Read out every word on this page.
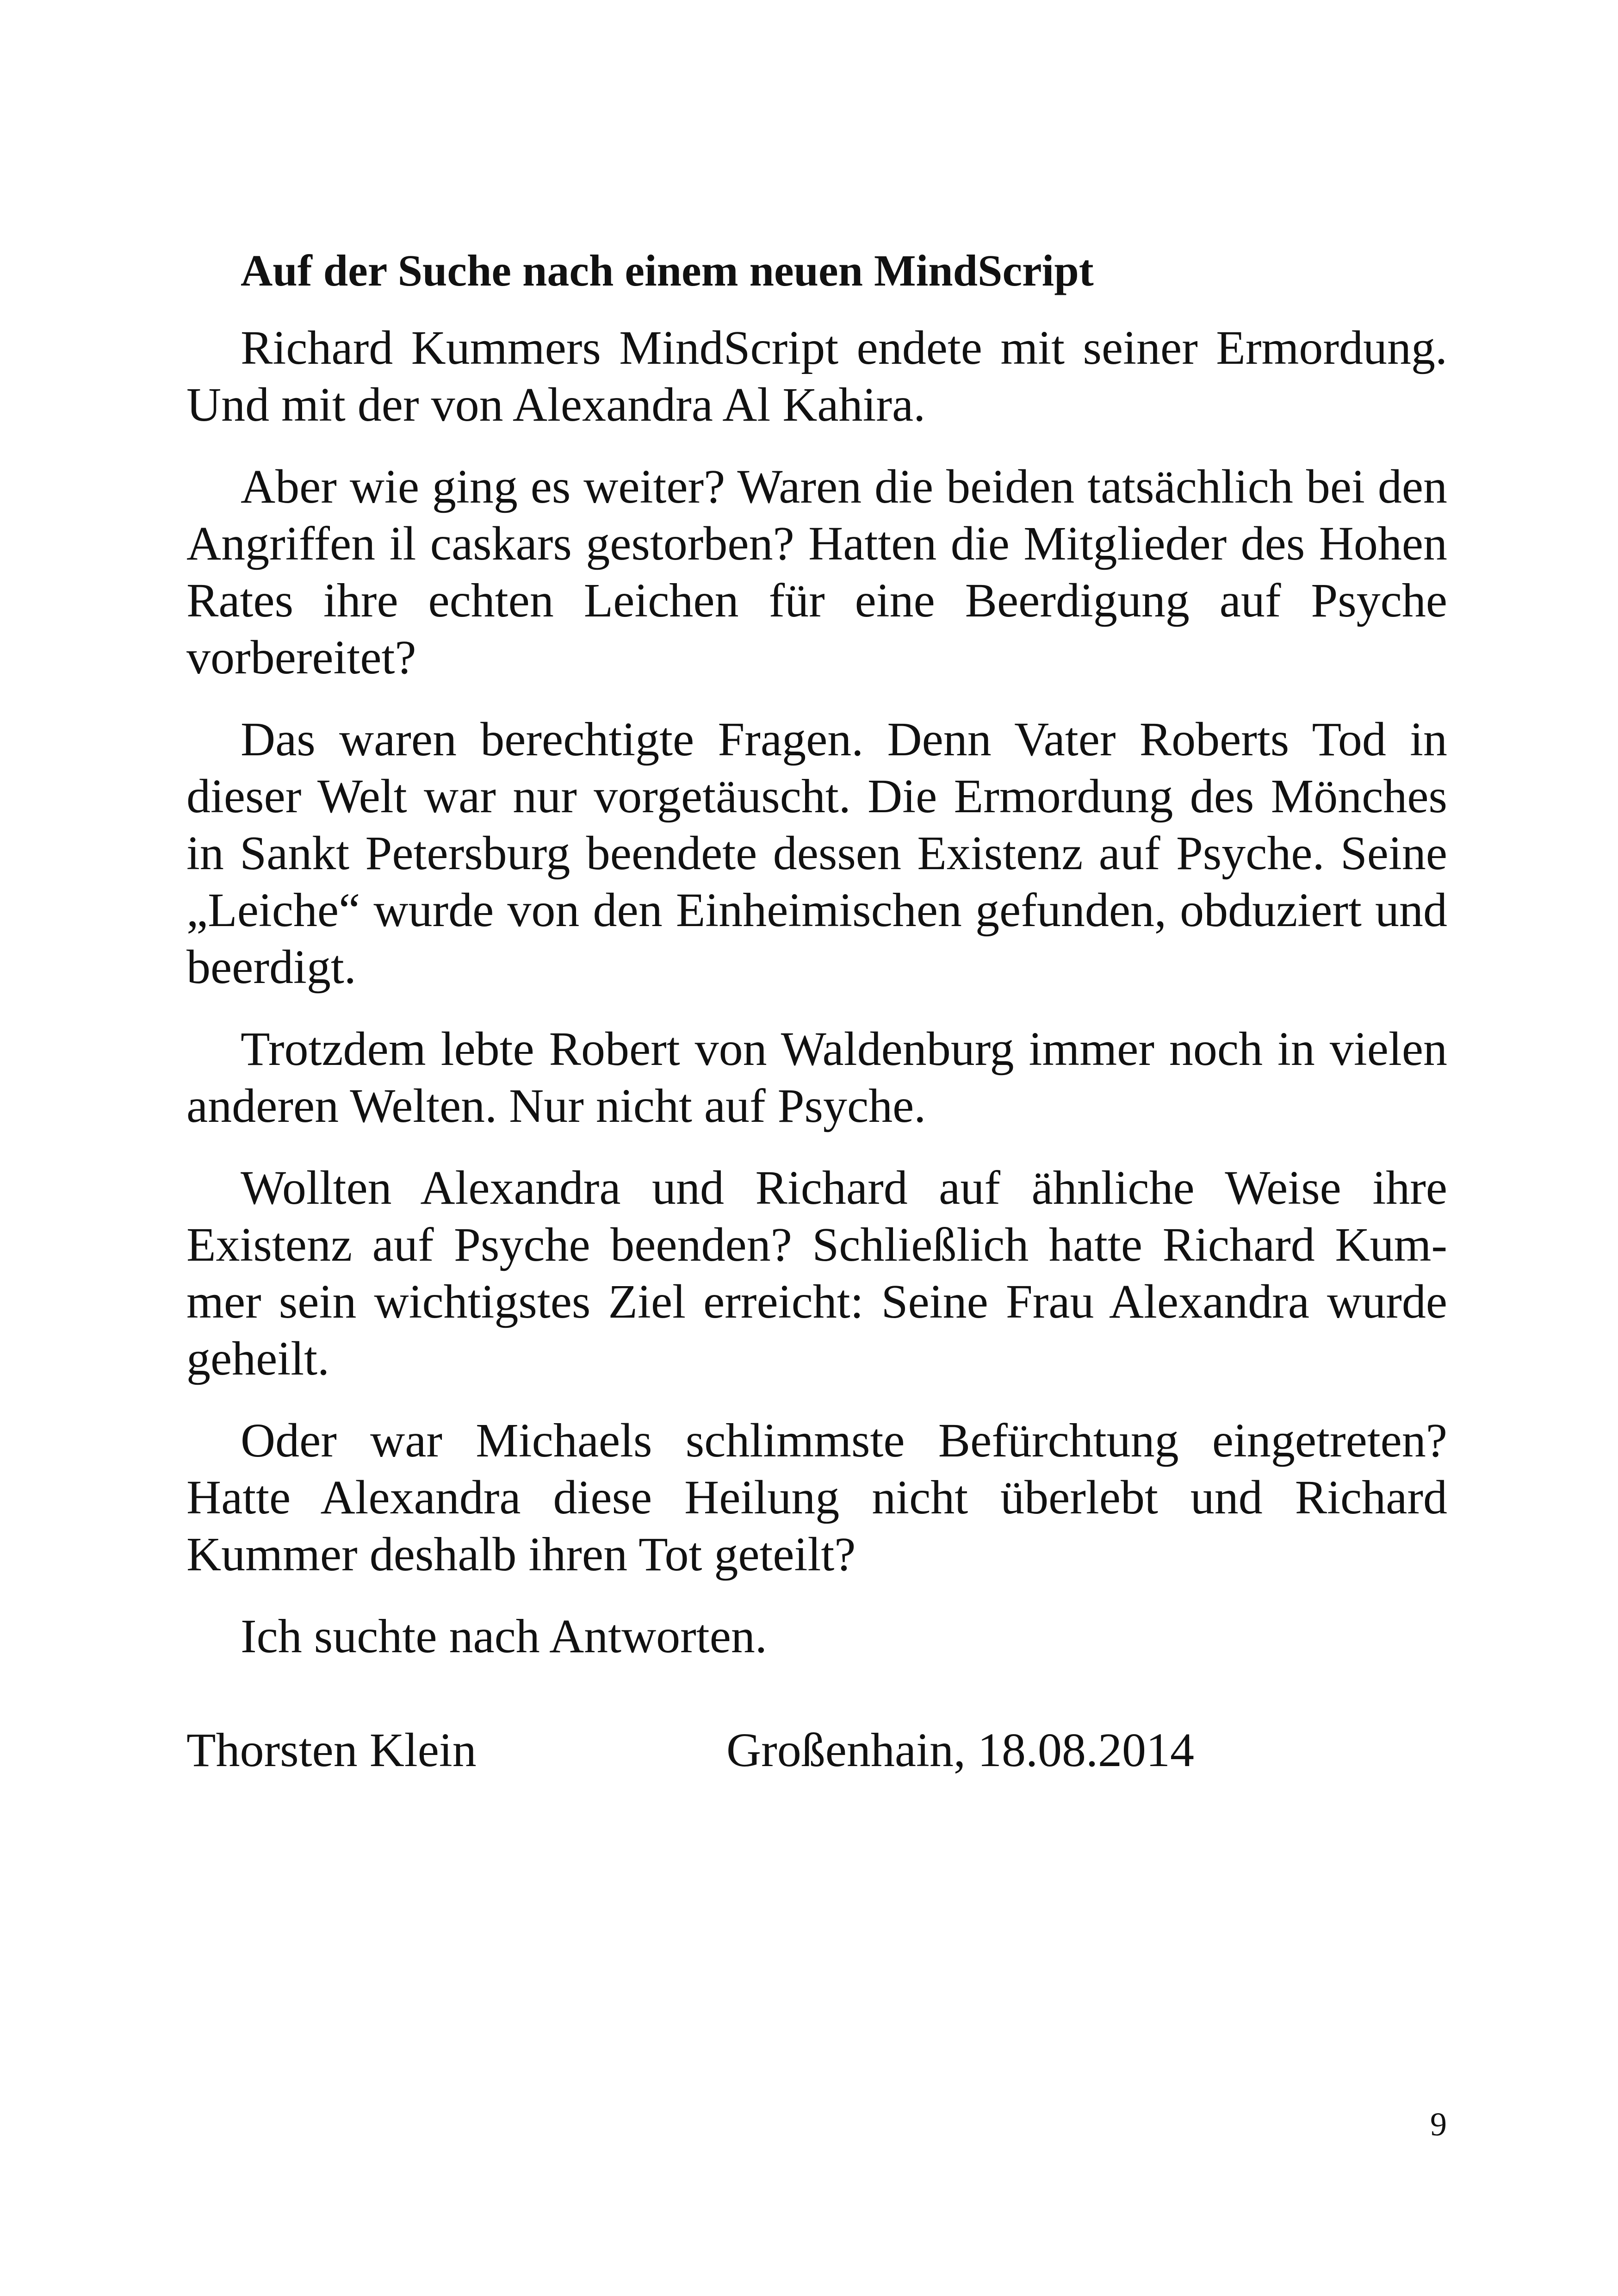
Auf der Suche nach einem neuen MindScript

Richard Kummers MindScript endete mit seiner Ermordung. Und mit der von Alexandra Al Kahira.

Aber wie ging es weiter? Waren die beiden tatsächlich bei den Angriffen il caskars gestorben? Hatten die Mitglieder des Hohen Rates ihre echten Leichen für eine Beerdigung auf Psyche vorbereitet?

Das waren berechtigte Fragen. Denn Vater Roberts Tod in dieser Welt war nur vorgetäuscht. Die Ermordung des Mönches in Sankt Petersburg beendete dessen Existenz auf Psyche. Seine „Leiche“ wurde von den Einheimischen gefunden, obduziert und beerdigt.

Trotzdem lebte Robert von Waldenburg immer noch in vielen anderen Welten. Nur nicht auf Psyche.

Wollten Alexandra und Richard auf ähnliche Weise ihre Existenz auf Psyche beenden? Schließlich hatte Richard Kummer sein wichtigstes Ziel erreicht: Seine Frau Alexandra wurde geheilt.

Oder war Michaels schlimmste Befürchtung eingetreten? Hatte Alexandra diese Heilung nicht überlebt und Richard Kummer deshalb ihren Tot geteilt?

Ich suchte nach Antworten.

Thorsten Klein	Großenhain, 18.08.2014
9
